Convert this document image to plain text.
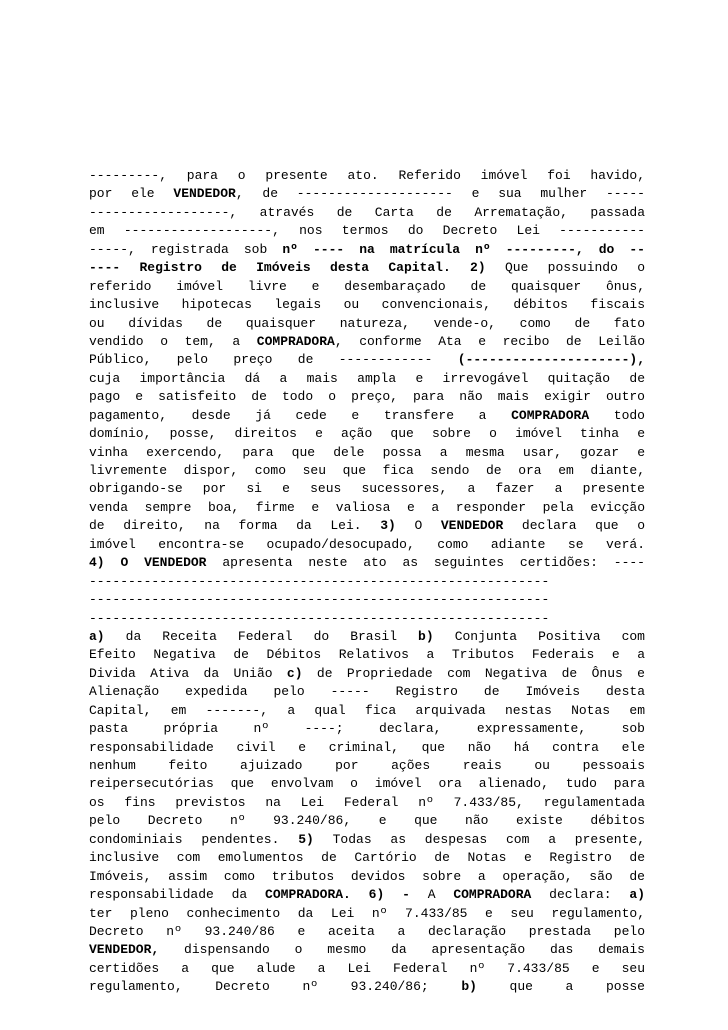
---------, para o presente ato. Referido imóvel foi havido,
por ele VENDEDOR, de -------------------- e sua mulher -----
------------------, através de Carta de Arrematação, passada
em -------------------, nos termos do Decreto Lei -----------
-----, registrada sob nº ---- na matrícula nº ---------, do --
---- Registro de Imóveis desta Capital. 2) Que possuindo o
referido imóvel livre e desembaraçado de quaisquer ônus,
inclusive hipotecas legais ou convencionais, débitos fiscais
ou dívidas de quaisquer natureza, vende-o, como de fato
vendido o tem, a COMPRADORA, conforme Ata e recibo de Leilão
Público, pelo preço de ------------ (---------------------),
cuja importância dá a mais ampla e irrevogável quitação de
pago e satisfeito de todo o preço, para não mais exigir outro
pagamento, desde já cede e transfere a COMPRADORA todo
domínio, posse, direitos e ação que sobre o imóvel tinha e
vinha exercendo, para que dele possa a mesma usar, gozar e
livremente dispor, como seu que fica sendo de ora em diante,
obrigando-se por si e seus sucessores, a fazer a presente
venda sempre boa, firme e valiosa e a responder pela evicção
de direito, na forma da Lei. 3) O VENDEDOR declara que o
imóvel encontra-se ocupado/desocupado, como adiante se verá.
4) O VENDEDOR apresenta neste ato as seguintes certidões: ----
-----------------------------------------------------------
-----------------------------------------------------------
-----------------------------------------------------------
a) da Receita Federal do Brasil b) Conjunta Positiva com
Efeito Negativa de Débitos Relativos a Tributos Federais e a
Divida Ativa da União c) de Propriedade com Negativa de Ônus e
Alienação expedida pelo ----- Registro de Imóveis desta
Capital, em -------, a qual fica arquivada nestas Notas em
pasta própria nº ----; declara, expressamente, sob
responsabilidade civil e criminal, que não há contra ele
nenhum feito ajuizado por ações reais ou pessoais
reipersecutórias que envolvam o imóvel ora alienado, tudo para
os fins previstos na Lei Federal nº 7.433/85, regulamentada
pelo Decreto nº 93.240/86, e que não existe débitos
condominiais pendentes. 5) Todas as despesas com a presente,
inclusive com emolumentos de Cartório de Notas e Registro de
Imóveis, assim como tributos devidos sobre a operação, são de
responsabilidade da COMPRADORA. 6) - A COMPRADORA declara: a)
ter pleno conhecimento da Lei nº 7.433/85 e seu regulamento,
Decreto nº 93.240/86 e aceita a declaração prestada pelo
VENDEDOR, dispensando o mesmo da apresentação das demais
certidões a que alude a Lei Federal nº 7.433/85 e seu
regulamento, Decreto nº 93.240/86; b) que a posse
